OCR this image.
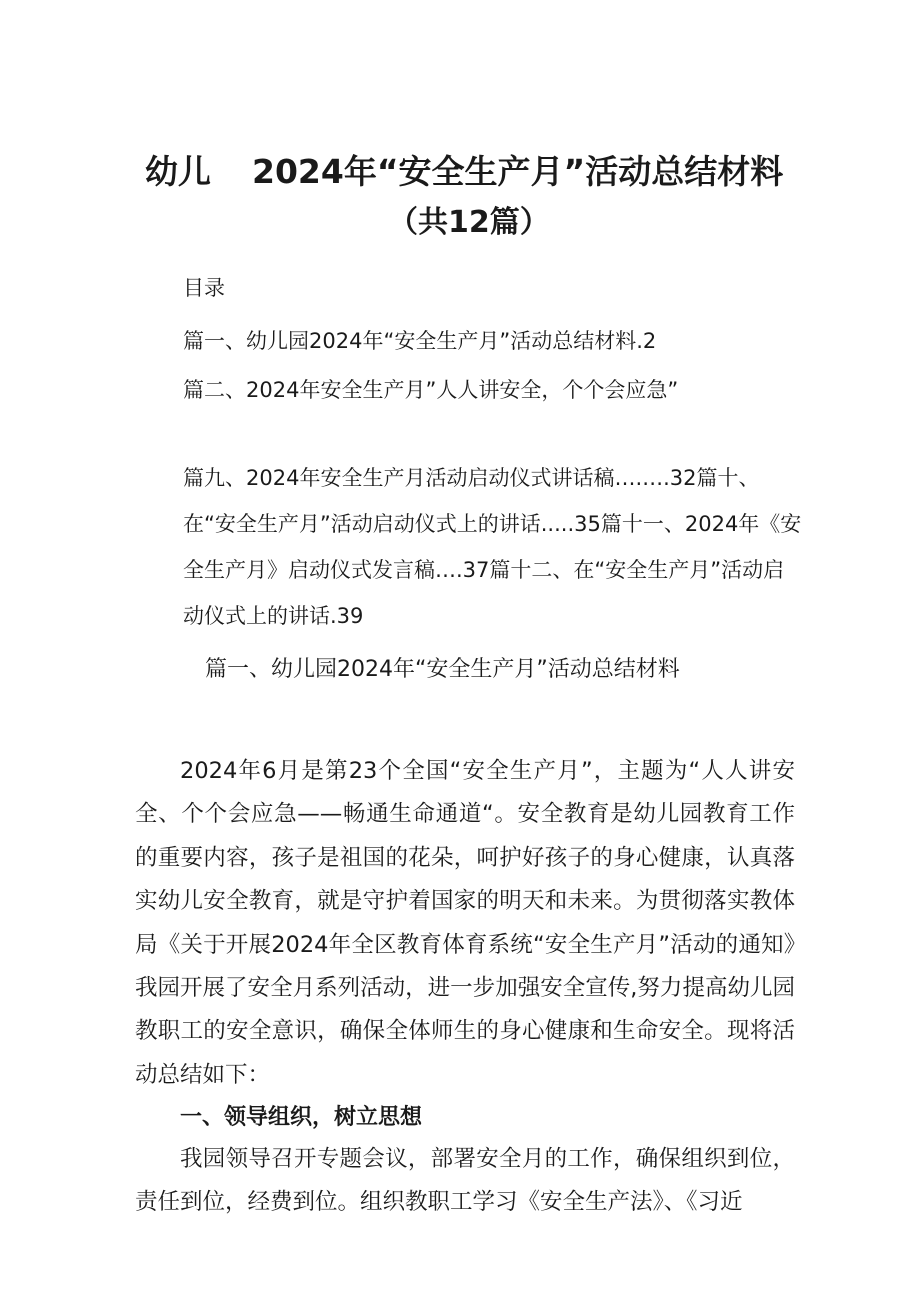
幼儿 2024年“安全生产月”活动总结材料
（共12篇）
目录
篇一、幼儿园2024年“安全生产月”活动总结材料.2
篇二、2024年安全生产月”人人讲安全，个个会应急”
篇九、2024年安全生产月活动启动仪式讲话稿….….32篇十、在“安全生产月”活动启动仪式上的讲话.....35篇十一、2024年《安全生产月》启动仪式发言稿….37篇十二、在“安全生产月”活动启动仪式上的讲话.39
篇一、幼儿园2024年“安全生产月”活动总结材料
2024年6月是第23个全国“安全生产月”，主题为“人人讲安全、个个会应急——畅通生命通道“。安全教育是幼儿园教育工作的重要内容，孩子是祖国的花朵，呵护好孩子的身心健康，认真落实幼儿安全教育，就是守护着国家的明天和未来。为贯彻落实教体局《关于开展2024年全区教育体育系统“安全生产月”活动的通知》我园开展了安全月系列活动，进一步加强安全宣传,努力提高幼儿园教职工的安全意识，确保全体师生的身心健康和生命安全。现将活动总结如下：
一、领导组织，树立思想
我园领导召开专题会议，部署安全月的工作，确保组织到位，责任到位，经费到位。组织教职工学习《安全生产法》、《习近
